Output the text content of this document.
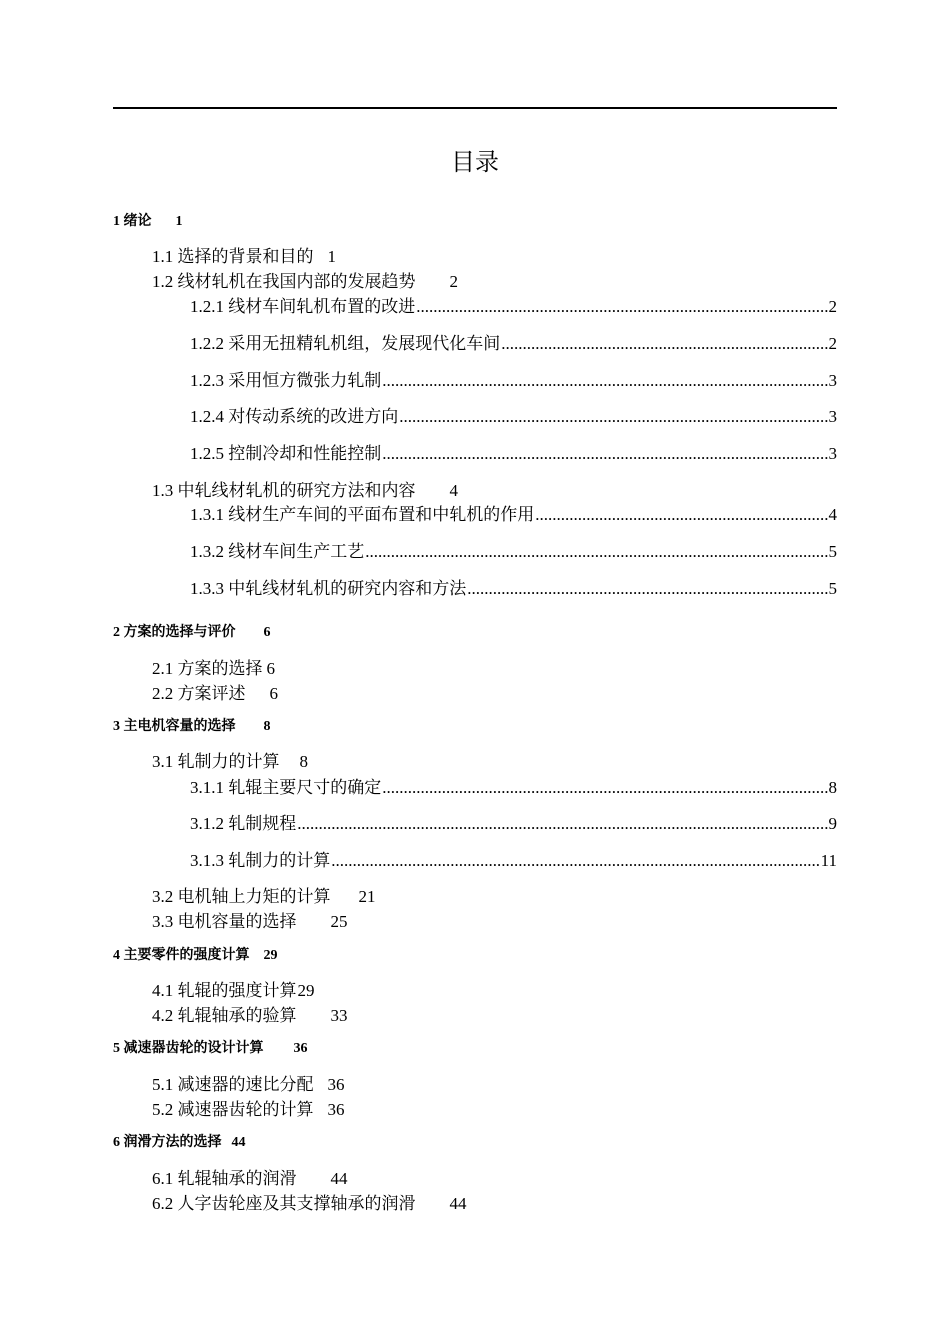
目录
1 绪论 1
1.1 选择的背景和目的 1
1.2 线材轧机在我国内部的发展趋势 2
1.2.1 线材车间轧机布置的改进 .....	2
1.2.2 采用无扭精轧机组，发展现代化车间 .....	2
1.2.3 采用恒方微张力轧制 .....	3
1.2.4 对传动系统的改进方向 .....	3
1.2.5 控制冷却和性能控制 .....	3
1.3 中轧线材轧机的研究方法和内容 4
1.3.1 线材生产车间的平面布置和中轧机的作用 .....	4
1.3.2 线材车间生产工艺 .....	5
1.3.3 中轧线材轧机的研究内容和方法 .....	5
2 方案的选择与评价 6
2.1 方案的选择 6
2.2 方案评述 6
3 主电机容量的选择 8
3.1 轧制力的计算 8
3.1.1 轧辊主要尺寸的确定 .....	8
3.1.2 轧制规程 .....	9
3.1.3 轧制力的计算 .....	11
3.2 电机轴上力矩的计算 21
3.3 电机容量的选择 25
4 主要零件的强度计算 29
4.1 轧辊的强度计算29
4.2 轧辊轴承的验算 33
5 减速器齿轮的设计计算 36
5.1 减速器的速比分配 36
5.2 减速器齿轮的计算 36
6 润滑方法的选择 44
6.1 轧辊轴承的润滑 44
6.2 人字齿轮座及其支撑轴承的润滑 44
